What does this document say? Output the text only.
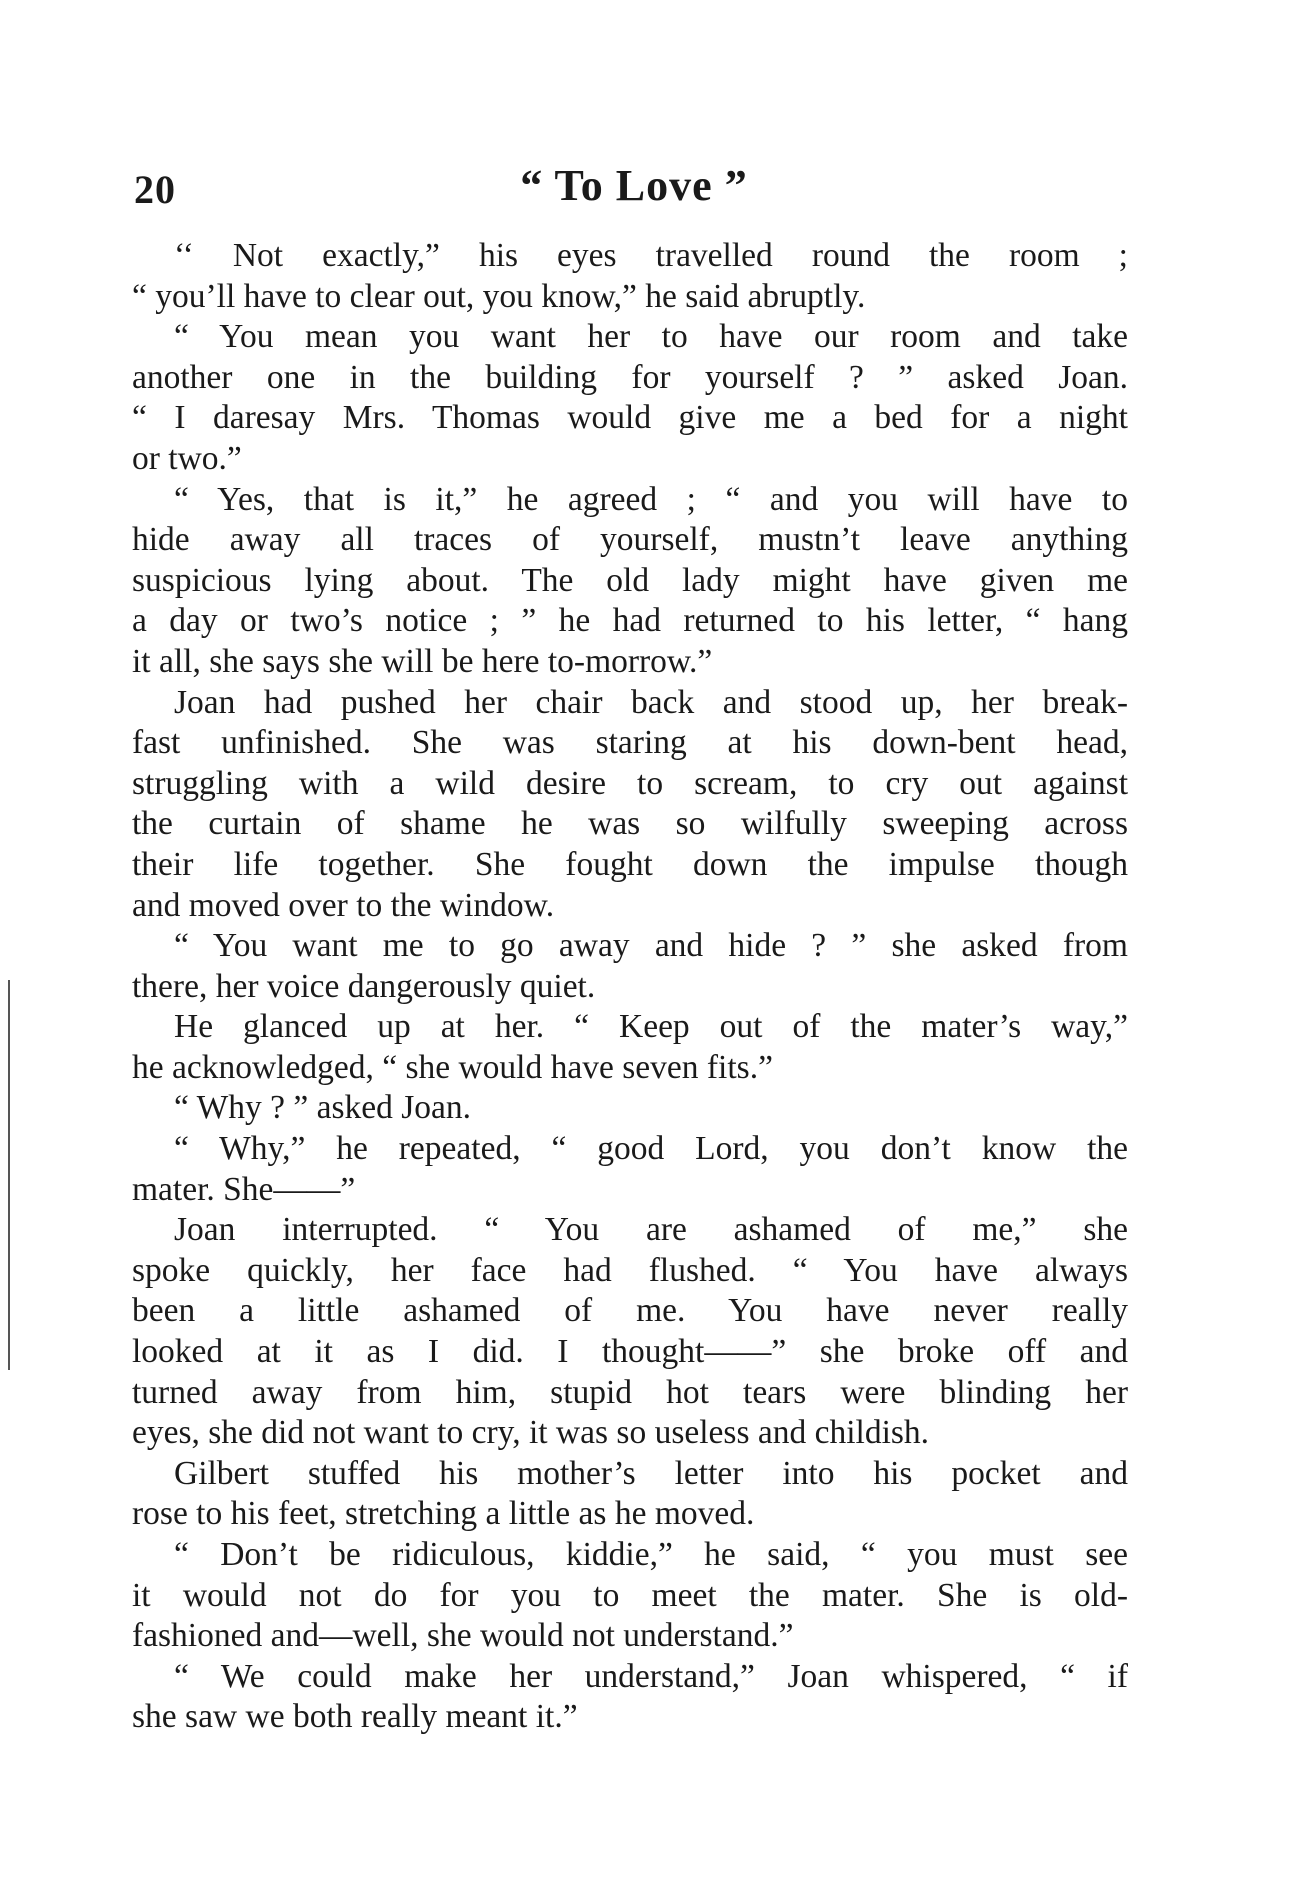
20	“ To Love ”
‘‘ Not exactly,” his eyes travelled round the room ;
“ you’ll have to clear out, you know,” he said abruptly.
“ You mean you want her to have our room and take
another one in the building for yourself ? ” asked Joan.
“ I daresay Mrs. Thomas would give me a bed for a night
or two.”
“ Yes, that is it,” he agreed ; “ and you will have to
hide away all traces of yourself, mustn’t leave anything
suspicious lying about. The old lady might have given me
a day or two’s notice ; ” he had returned to his letter, “ hang
it all, she says she will be here to-morrow.”
Joan had pushed her chair back and stood up, her break-
fast unfinished. She was staring at his down-bent head,
struggling with a wild desire to scream, to cry out against
the curtain of shame he was so wilfully sweeping across
their life together. She fought down the impulse though
and moved over to the window.
“ You want me to go away and hide ? ” she asked from
there, her voice dangerously quiet.
He glanced up at her. “ Keep out of the mater’s way,”
he acknowledged, “ she would have seven fits.”
“ Why ? ” asked Joan.
“ Why,” he repeated, “ good Lord, you don’t know the
mater. She——”
Joan interrupted. “ You are ashamed of me,” she
spoke quickly, her face had flushed. “ You have always
been a little ashamed of me. You have never really
looked at it as I did. I thought——” she broke off and
turned away from him, stupid hot tears were blinding her
eyes, she did not want to cry, it was so useless and childish.
Gilbert stuffed his mother’s letter into his pocket and
rose to his feet, stretching a little as he moved.
“ Don’t be ridiculous, kiddie,” he said, “ you must see
it would not do for you to meet the mater. She is old-
fashioned and—well, she would not understand.”
“ We could make her understand,” Joan whispered, “ if
she saw we both really meant it.”
